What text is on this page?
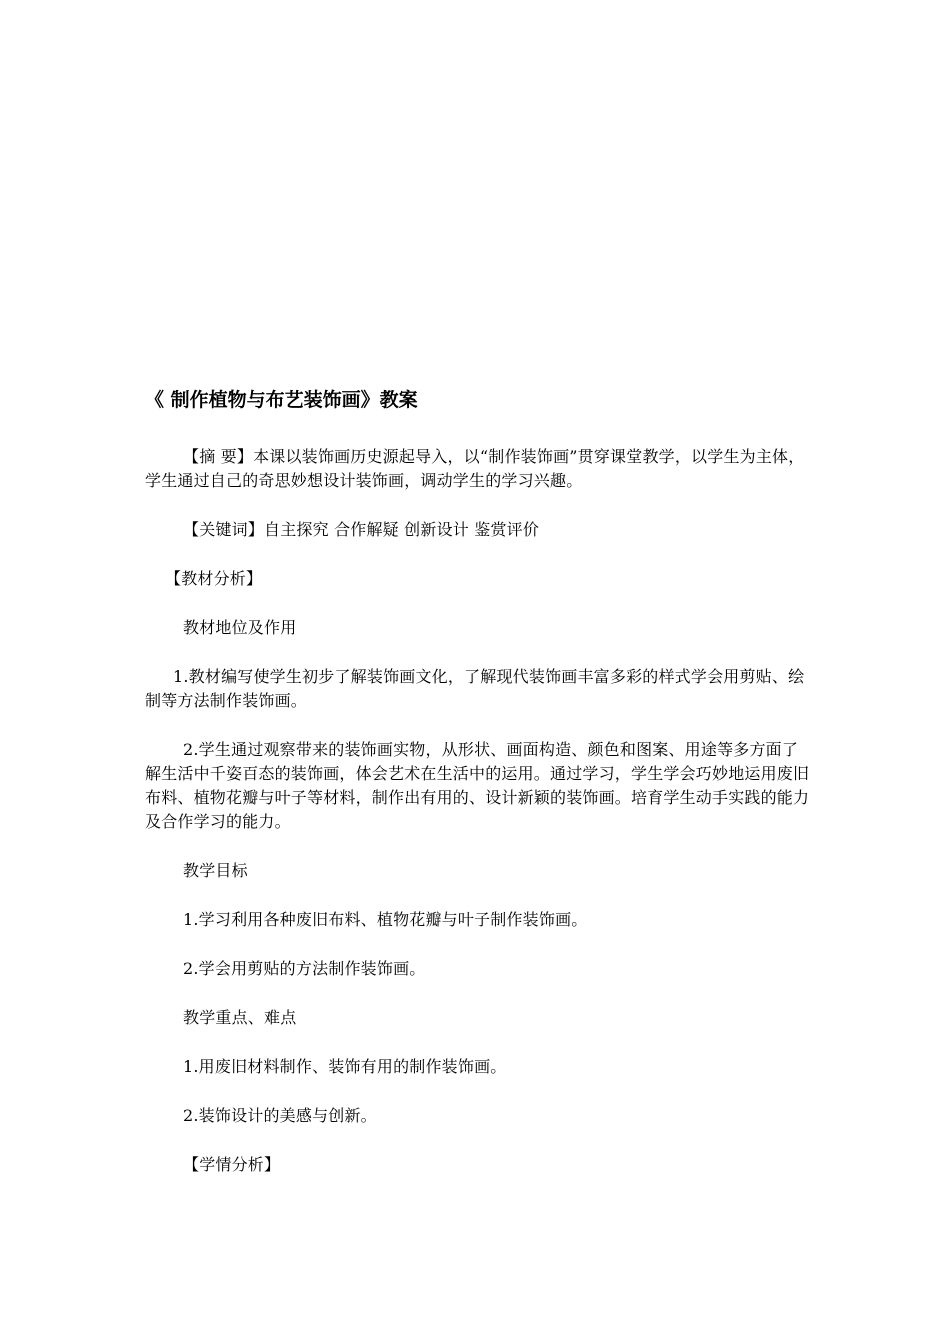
《 制作植物与布艺装饰画》教案

【摘 要】本课以装饰画历史源起导入，以“制作装饰画”贯穿课堂教学，以学生为主体，学生通过自己的奇思妙想设计装饰画，调动学生的学习兴趣。

【关键词】自主探究 合作解疑 创新设计 鉴赏评价

【教材分析】

教材地位及作用

1.教材编写使学生初步了解装饰画文化，了解现代装饰画丰富多彩的样式学会用剪贴、绘制等方法制作装饰画。

2.学生通过观察带来的装饰画实物，从形状、画面构造、颜色和图案、用途等多方面了解生活中千姿百态的装饰画，体会艺术在生活中的运用。通过学习，学生学会巧妙地运用废旧布料、植物花瓣与叶子等材料，制作出有用的、设计新颖的装饰画。培育学生动手实践的能力及合作学习的能力。

教学目标

1.学习利用各种废旧布料、植物花瓣与叶子制作装饰画。

2.学会用剪贴的方法制作装饰画。

教学重点、难点

1.用废旧材料制作、装饰有用的制作装饰画。

2.装饰设计的美感与创新。

【学情分析】
